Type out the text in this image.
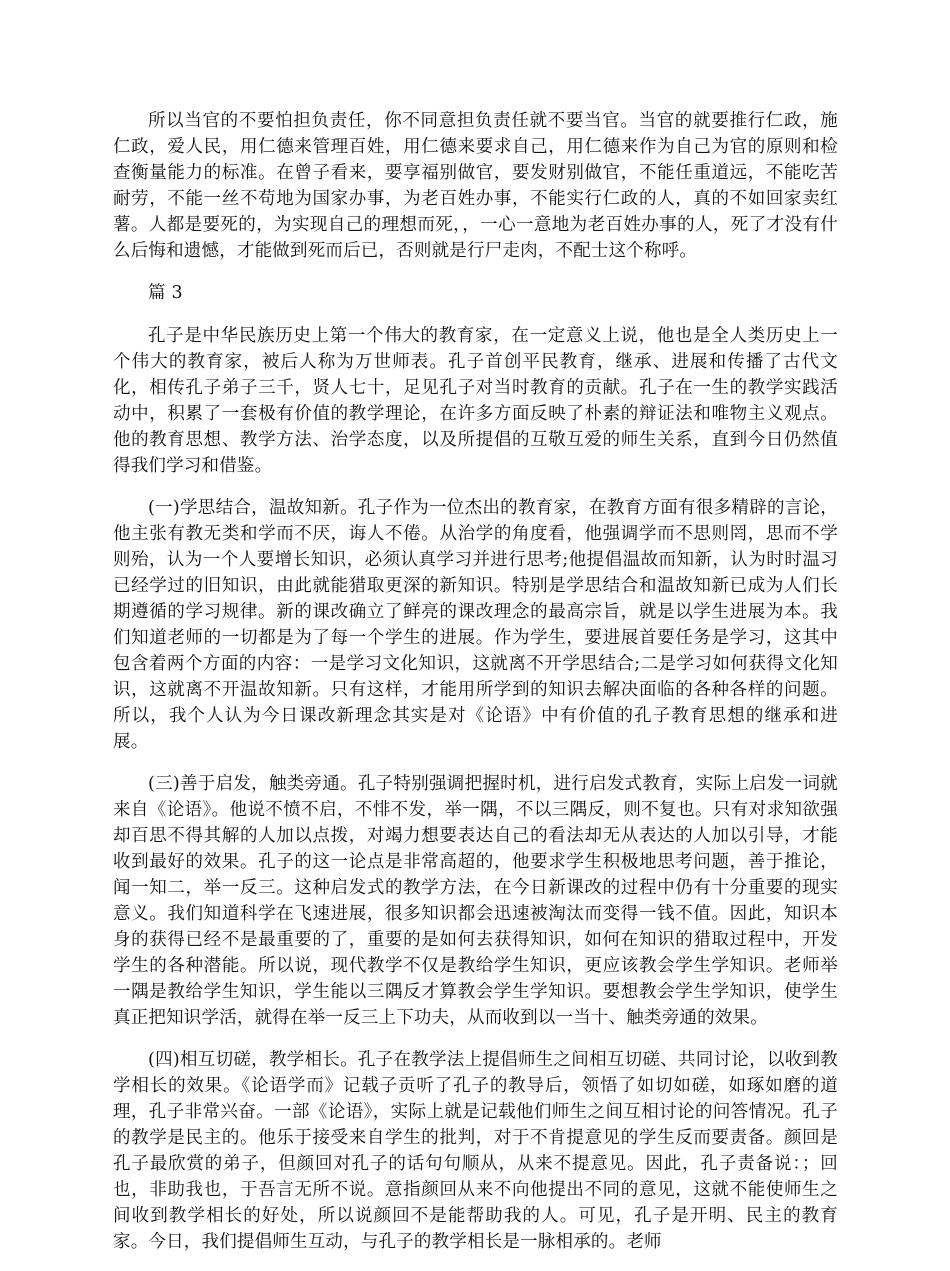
所以当官的不要怕担负责任，你不同意担负责任就不要当官。当官的就要推行仁政，施仁政，爱人民，用仁德来管理百姓，用仁德来要求自己，用仁德来作为自己为官的原则和检查衡量能力的标准。在曾子看来，要享福别做官，要发财别做官，不能任重道远，不能吃苦耐劳，不能一丝不苟地为国家办事，为老百姓办事，不能实行仁政的人，真的不如回家卖红薯。人都是要死的，为实现自己的理想而死，，一心一意地为老百姓办事的人，死了才没有什么后悔和遗憾，才能做到死而后已，否则就是行尸走肉，不配士这个称呼。

篇 3

孔子是中华民族历史上第一个伟大的教育家，在一定意义上说，他也是全人类历史上一个伟大的教育家，被后人称为万世师表。孔子首创平民教育，继承、进展和传播了古代文化，相传孔子弟子三千，贤人七十，足见孔子对当时教育的贡献。孔子在一生的教学实践活动中，积累了一套极有价值的教学理论，在许多方面反映了朴素的辩证法和唯物主义观点。他的教育思想、教学方法、治学态度，以及所提倡的互敬互爱的师生关系，直到今日仍然值得我们学习和借鉴。

(一)学思结合，温故知新。孔子作为一位杰出的教育家，在教育方面有很多精辟的言论，他主张有教无类和学而不厌，诲人不倦。从治学的角度看，他强调学而不思则罔，思而不学则殆，认为一个人要增长知识，必须认真学习并进行思考;他提倡温故而知新，认为时时温习已经学过的旧知识，由此就能猎取更深的新知识。特别是学思结合和温故知新已成为人们长期遵循的学习规律。新的课改确立了鲜亮的课改理念的最高宗旨，就是以学生进展为本。我们知道老师的一切都是为了每一个学生的进展。作为学生，要进展首要任务是学习，这其中包含着两个方面的内容：一是学习文化知识，这就离不开学思结合;二是学习如何获得文化知识，这就离不开温故知新。只有这样，才能用所学到的知识去解决面临的各种各样的问题。所以，我个人认为今日课改新理念其实是对《论语》中有价值的孔子教育思想的继承和进展。

(三)善于启发，触类旁通。孔子特别强调把握时机，进行启发式教育，实际上启发一词就来自《论语》。他说不愤不启，不悱不发，举一隅，不以三隅反，则不复也。只有对求知欲强却百思不得其解的人加以点拨，对竭力想要表达自己的看法却无从表达的人加以引导，才能收到最好的效果。孔子的这一论点是非常高超的，他要求学生积极地思考问题，善于推论，闻一知二，举一反三。这种启发式的教学方法，在今日新课改的过程中仍有十分重要的现实意义。我们知道科学在飞速进展，很多知识都会迅速被淘汰而变得一钱不值。因此，知识本身的获得已经不是最重要的了，重要的是如何去获得知识，如何在知识的猎取过程中，开发学生的各种潜能。所以说，现代教学不仅是教给学生知识，更应该教会学生学知识。老师举一隅是教给学生知识，学生能以三隅反才算教会学生学知识。要想教会学生学知识，使学生真正把知识学活，就得在举一反三上下功夫，从而收到以一当十、触类旁通的效果。

(四)相互切磋，教学相长。孔子在教学法上提倡师生之间相互切磋、共同讨论，以收到教学相长的效果。《论语学而》记载子贡听了孔子的教导后，领悟了如切如磋，如琢如磨的道理，孔子非常兴奋。一部《论语》，实际上就是记载他们师生之间互相讨论的问答情况。孔子的教学是民主的。他乐于接受来自学生的批判，对于不肯提意见的学生反而要责备。颜回是孔子最欣赏的弟子，但颜回对孔子的话句句顺从，从来不提意见。因此，孔子责备说：；回也，非助我也，于吾言无所不说。意指颜回从来不向他提出不同的意见，这就不能使师生之间收到教学相长的好处，所以说颜回不是能帮助我的人。可见，孔子是开明、民主的教育家。今日，我们提倡师生互动，与孔子的教学相长是一脉相承的。老师
